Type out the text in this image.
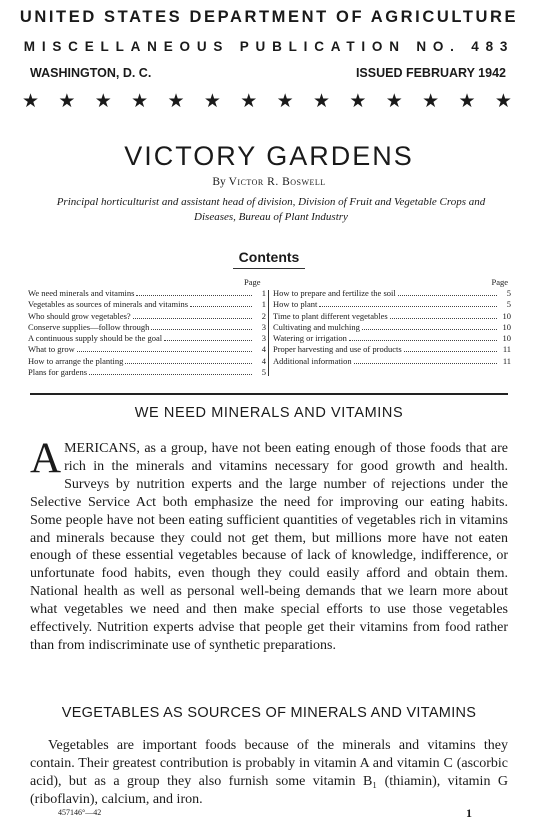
UNITED STATES DEPARTMENT OF AGRICULTURE
MISCELLANEOUS PUBLICATION NO. 483
WASHINGTON, D. C.	ISSUED FEBRUARY 1942
★ ★ ★ ★ ★ ★ ★ ★ ★ ★ ★ ★ ★ ★
VICTORY GARDENS
By Victor R. Boswell
Principal horticulturist and assistant head of division, Division of Fruit and Vegetable Crops and Diseases, Bureau of Plant Industry
Contents
Page	Page
We need minerals and vitamins	1
Vegetables as sources of minerals and vitamins	1
Who should grow vegetables?	2
Conserve supplies—follow through	3
A continuous supply should be the goal	3
What to grow	4
How to arrange the planting	4
Plans for gardens	5
How to prepare and fertilize the soil	5
How to plant	5
Time to plant different vegetables	10
Cultivating and mulching	10
Watering or irrigation	10
Proper harvesting and use of products	11
Additional information	11
WE NEED MINERALS AND VITAMINS

AMERICANS, as a group, have not been eating enough of those foods that are rich in the minerals and vitamins necessary for good growth and health. Surveys by nutrition experts and the large number of rejections under the Selective Service Act both emphasize the need for improving our eating habits. Some people have not been eating sufficient quantities of vegetables rich in vitamins and minerals because they could not get them, but millions more have not eaten enough of these essential vegetables because of lack of knowledge, indifference, or unfortunate food habits, even though they could easily afford and obtain them. National health as well as personal well-being demands that we learn more about what vegetables we need and then make special efforts to use those vegetables effectively. Nutrition experts advise that people get their vitamins from food rather than from indiscriminate use of synthetic preparations.

VEGETABLES AS SOURCES OF MINERALS AND VITAMINS

Vegetables are important foods because of the minerals and vitamins they contain. Their greatest contribution is probably in vitamin A and vitamin C (ascorbic acid), but as a group they also furnish some vitamin B₁ (thiamin), vitamin G (riboflavin), calcium, and iron.

457146°—42	1
